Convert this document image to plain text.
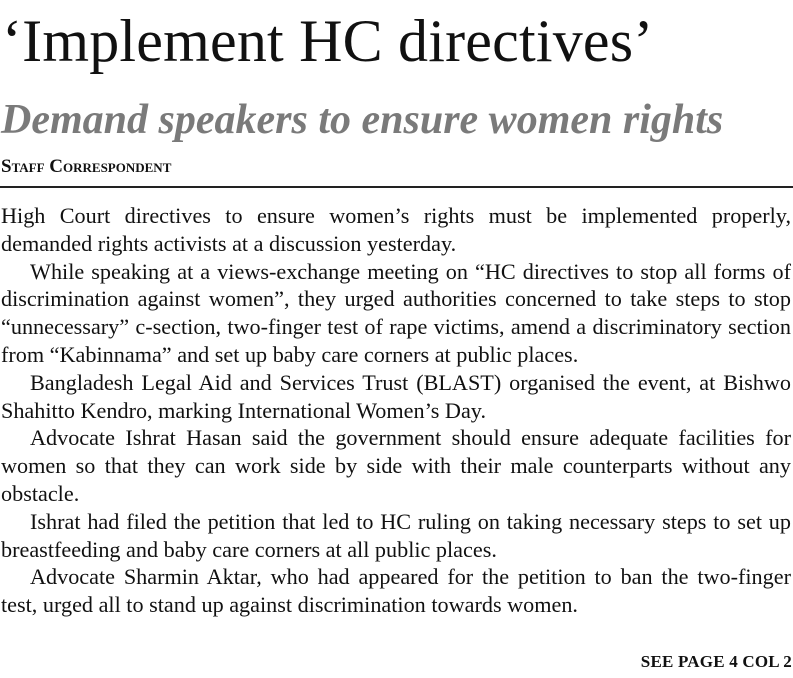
‘Implement HC directives’
Demand speakers to ensure women rights
Staff Correspondent

High Court directives to ensure women’s rights must be implemented properly, demanded rights activists at a discussion yesterday.

While speaking at a views-exchange meeting on “HC directives to stop all forms of discrimination against women”, they urged authorities concerned to take steps to stop “unnecessary” c-section, two-finger test of rape victims, amend a discriminatory section from “Kabinnama” and set up baby care corners at public places.

Bangladesh Legal Aid and Services Trust (BLAST) organised the event, at Bishwo Shahitto Kendro, marking International Women’s Day.

Advocate Ishrat Hasan said the government should ensure adequate facilities for women so that they can work side by side with their male counterparts without any obstacle.

Ishrat had filed the petition that led to HC ruling on taking necessary steps to set up breastfeeding and baby care corners at all public places.

Advocate Sharmin Aktar, who had appeared for the petition to ban the two-finger test, urged all to stand up against discrimination towards women.

SEE PAGE 4 COL 2
